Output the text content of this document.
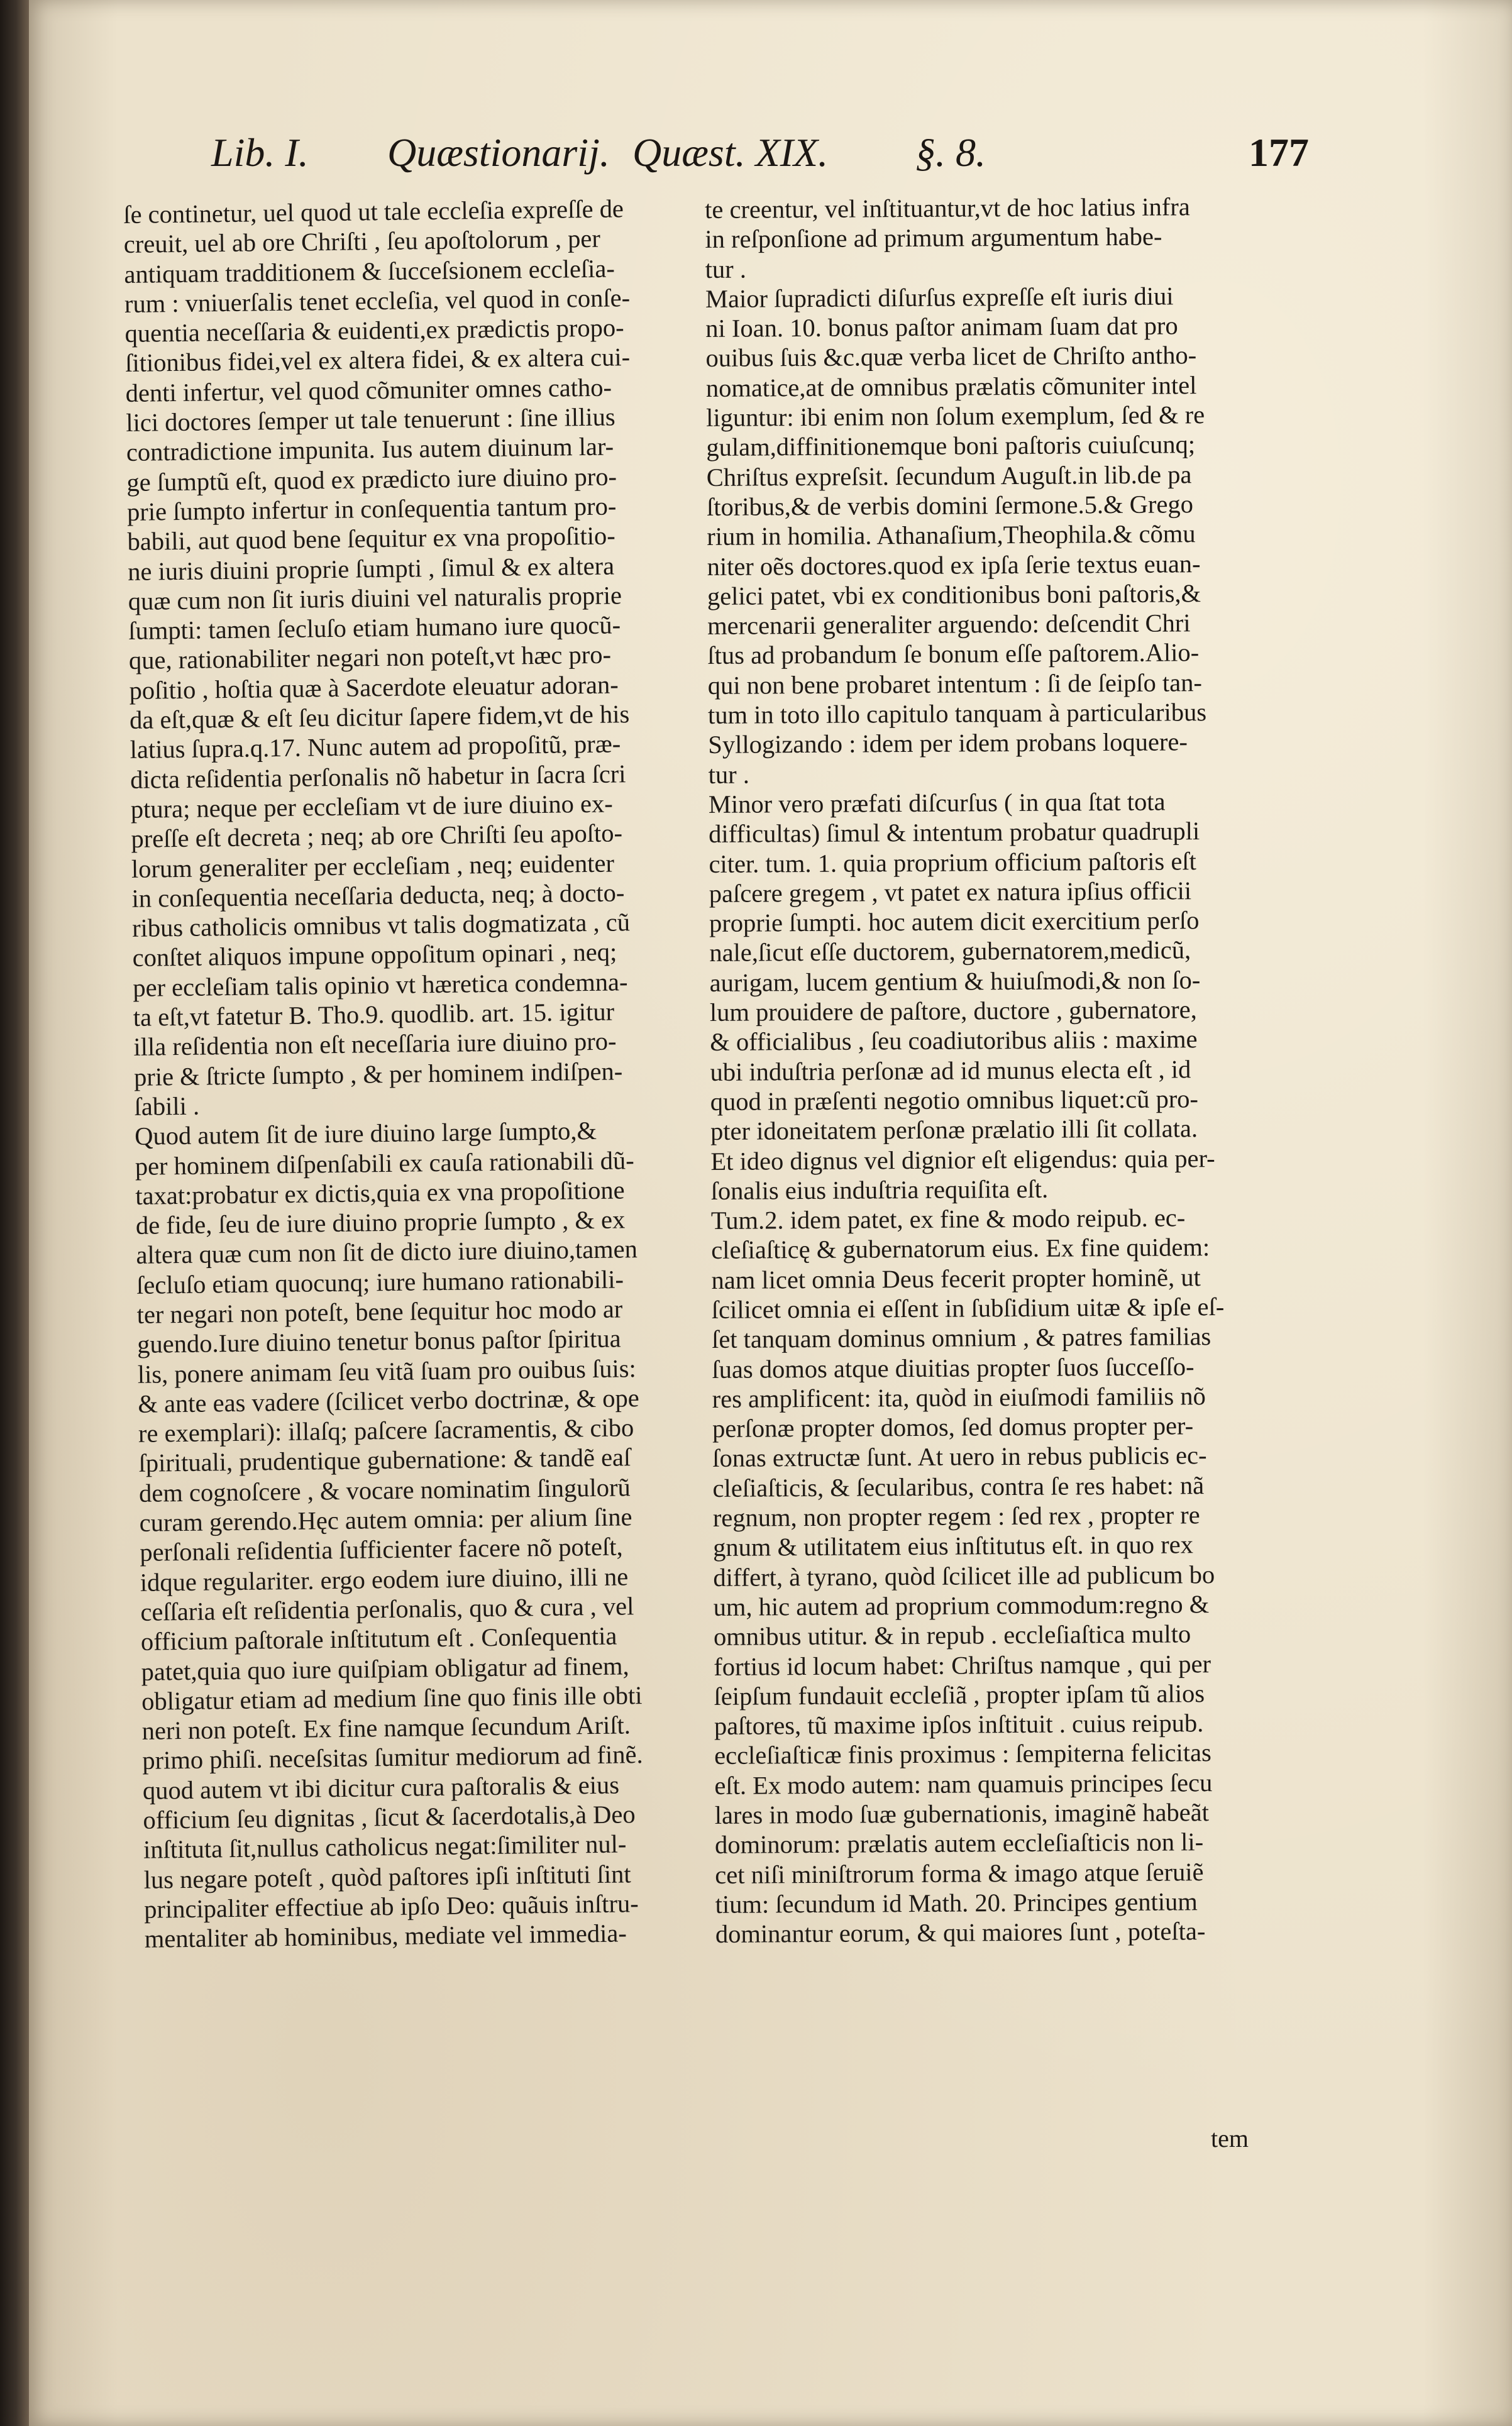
Lib. I. Quæstionarij. Quæst. XIX. §. 8.	177
ſe continetur, uel quod ut tale eccleſia expreſſe de
creuit, uel ab ore Chriſti , ſeu apoſtolorum , per
antiquam tradditionem & ſucceſsionem eccleſia-
rum : vniuerſalis tenet eccleſia, vel quod in conſe-
quentia neceſſaria & euidenti,ex prædictis propo-
ſitionibus fidei,vel ex altera fidei, & ex altera cui-
denti infertur, vel quod cõmuniter omnes catho-
lici doctores ſemper ut tale tenuerunt : ſine illius
contradictione impunita. Ius autem diuinum lar-
ge ſumptũ eſt, quod ex prædicto iure diuino pro-
prie ſumpto infertur in conſequentia tantum pro-
babili, aut quod bene ſequitur ex vna propoſitio-
ne iuris diuini proprie ſumpti , ſimul & ex altera
quæ cum non ſit iuris diuini vel naturalis proprie
ſumpti: tamen ſecluſo etiam humano iure quocũ-
que, rationabiliter negari non poteſt,vt hæc pro-
poſitio , hoſtia quæ à Sacerdote eleuatur adoran-
da eſt,quæ & eſt ſeu dicitur ſapere fidem,vt de his
latius ſupra.q.17. Nunc autem ad propoſitũ, præ-
dicta reſidentia perſonalis nõ habetur in ſacra ſcri
ptura; neque per eccleſiam vt de iure diuino ex-
preſſe eſt decreta ; neq; ab ore Chriſti ſeu apoſto-
lorum generaliter per eccleſiam , neq; euidenter
in conſequentia neceſſaria deducta, neq; à docto-
ribus catholicis omnibus vt talis dogmatizata , cũ
conſtet aliquos impune oppoſitum opinari , neq;
per eccleſiam talis opinio vt hæretica condemna-
ta eſt,vt fatetur B. Tho.9. quodlib. art. 15. igitur
illa reſidentia non eſt neceſſaria iure diuino pro-
prie & ſtricte ſumpto , & per hominem indiſpen-
ſabili .
Quod autem ſit de iure diuino large ſumpto,&
per hominem diſpenſabili ex cauſa rationabili dũ-
taxat:probatur ex dictis,quia ex vna propoſitione
de fide, ſeu de iure diuino proprie ſumpto , & ex
altera quæ cum non ſit de dicto iure diuino,tamen
ſecluſo etiam quocunq; iure humano rationabili-
ter negari non poteſt, bene ſequitur hoc modo ar
guendo.Iure diuino tenetur bonus paſtor ſpiritua
lis, ponere animam ſeu vitã ſuam pro ouibus ſuis:
& ante eas vadere (ſcilicet verbo doctrinæ, & ope
re exemplari): illaſq; paſcere ſacramentis, & cibo
ſpirituali, prudentique gubernatione: & tandẽ eaſ
dem cognoſcere , & vocare nominatim ſingulorũ
curam gerendo.Hęc autem omnia: per alium ſine
perſonali reſidentia ſufficienter facere nõ poteſt,
idque regulariter. ergo eodem iure diuino, illi ne
ceſſaria eſt reſidentia perſonalis, quo & cura , vel
officium paſtorale inſtitutum eſt . Conſequentia
patet,quia quo iure quiſpiam obligatur ad finem,
obligatur etiam ad medium ſine quo finis ille obti
neri non poteſt. Ex fine namque ſecundum Ariſt.
primo phiſi. neceſsitas ſumitur mediorum ad finẽ.
quod autem vt ibi dicitur cura paſtoralis & eius
officium ſeu dignitas , ſicut & ſacerdotalis,à Deo
inſtituta ſit,nullus catholicus negat:ſimiliter nul-
lus negare poteſt , quòd paſtores ipſi inſtituti ſint
principaliter effectiue ab ipſo Deo: quãuis inſtru-
mentaliter ab hominibus, mediate vel immedia-
te creentur, vel inſtituantur,vt de hoc latius infra
in reſponſione ad primum argumentum habe-
tur .
Maior ſupradicti diſurſus expreſſe eſt iuris diui
ni Ioan. 10. bonus paſtor animam ſuam dat pro
ouibus ſuis &c.quæ verba licet de Chriſto antho-
nomatice,at de omnibus prælatis cõmuniter intel
liguntur: ibi enim non ſolum exemplum, ſed & re
gulam,diffinitionemque boni paſtoris cuiuſcunq;
Chriſtus expreſsit. ſecundum Auguſt.in lib.de pa
ſtoribus,& de verbis domini ſermone.5.& Grego
rium in homilia. Athanaſium,Theophila.& cõmu
niter oẽs doctores.quod ex ipſa ſerie textus euan-
gelici patet, vbi ex conditionibus boni paſtoris,&
mercenarii generaliter arguendo: deſcendit Chri
ſtus ad probandum ſe bonum eſſe paſtorem.Alio-
qui non bene probaret intentum : ſi de ſeipſo tan-
tum in toto illo capitulo tanquam à particularibus
Syllogizando : idem per idem probans loquere-
tur .
Minor vero præfati diſcurſus ( in qua ſtat tota
difficultas) ſimul & intentum probatur quadrupli
citer. tum. 1. quia proprium officium paſtoris eſt
paſcere gregem , vt patet ex natura ipſius officii
proprie ſumpti. hoc autem dicit exercitium perſo
nale,ſicut eſſe ductorem, gubernatorem,medicũ,
aurigam, lucem gentium & huiuſmodi,& non ſo-
lum prouidere de paſtore, ductore , gubernatore,
& officialibus , ſeu coadiutoribus aliis : maxime
ubi induſtria perſonæ ad id munus electa eſt , id
quod in præſenti negotio omnibus liquet:cũ pro-
pter idoneitatem perſonæ prælatio illi ſit collata.
Et ideo dignus vel dignior eſt eligendus: quia per-
ſonalis eius induſtria requiſita eſt.
Tum.2. idem patet, ex fine & modo reipub. ec-
cleſiaſticę & gubernatorum eius. Ex fine quidem:
nam licet omnia Deus fecerit propter hominẽ, ut
ſcilicet omnia ei eſſent in ſubſidium uitæ & ipſe eſ-
ſet tanquam dominus omnium , & patres familias
ſuas domos atque diuitias propter ſuos ſucceſſo-
res amplificent: ita, quòd in eiuſmodi familiis nõ
perſonæ propter domos, ſed domus propter per-
ſonas extructæ ſunt. At uero in rebus publicis ec-
cleſiaſticis, & ſecularibus, contra ſe res habet: nã
regnum, non propter regem : ſed rex , propter re
gnum & utilitatem eius inſtitutus eſt. in quo rex
differt, à tyrano, quòd ſcilicet ille ad publicum bo
um, hic autem ad proprium commodum:regno &
omnibus utitur. & in repub . eccleſiaſtica multo
fortius id locum habet: Chriſtus namque , qui per
ſeipſum fundauit eccleſiã , propter ipſam tũ alios
paſtores, tũ maxime ipſos inſtituit . cuius reipub.
eccleſiaſticæ finis proximus : ſempiterna felicitas
eſt. Ex modo autem: nam quamuis principes ſecu
lares in modo ſuæ gubernationis, imaginẽ habeãt
dominorum: prælatis autem eccleſiaſticis non li-
cet niſi miniſtrorum forma & imago atque ſeruiẽ
tium: ſecundum id Math. 20. Principes gentium
dominantur eorum, & qui maiores ſunt , poteſta-
tem
